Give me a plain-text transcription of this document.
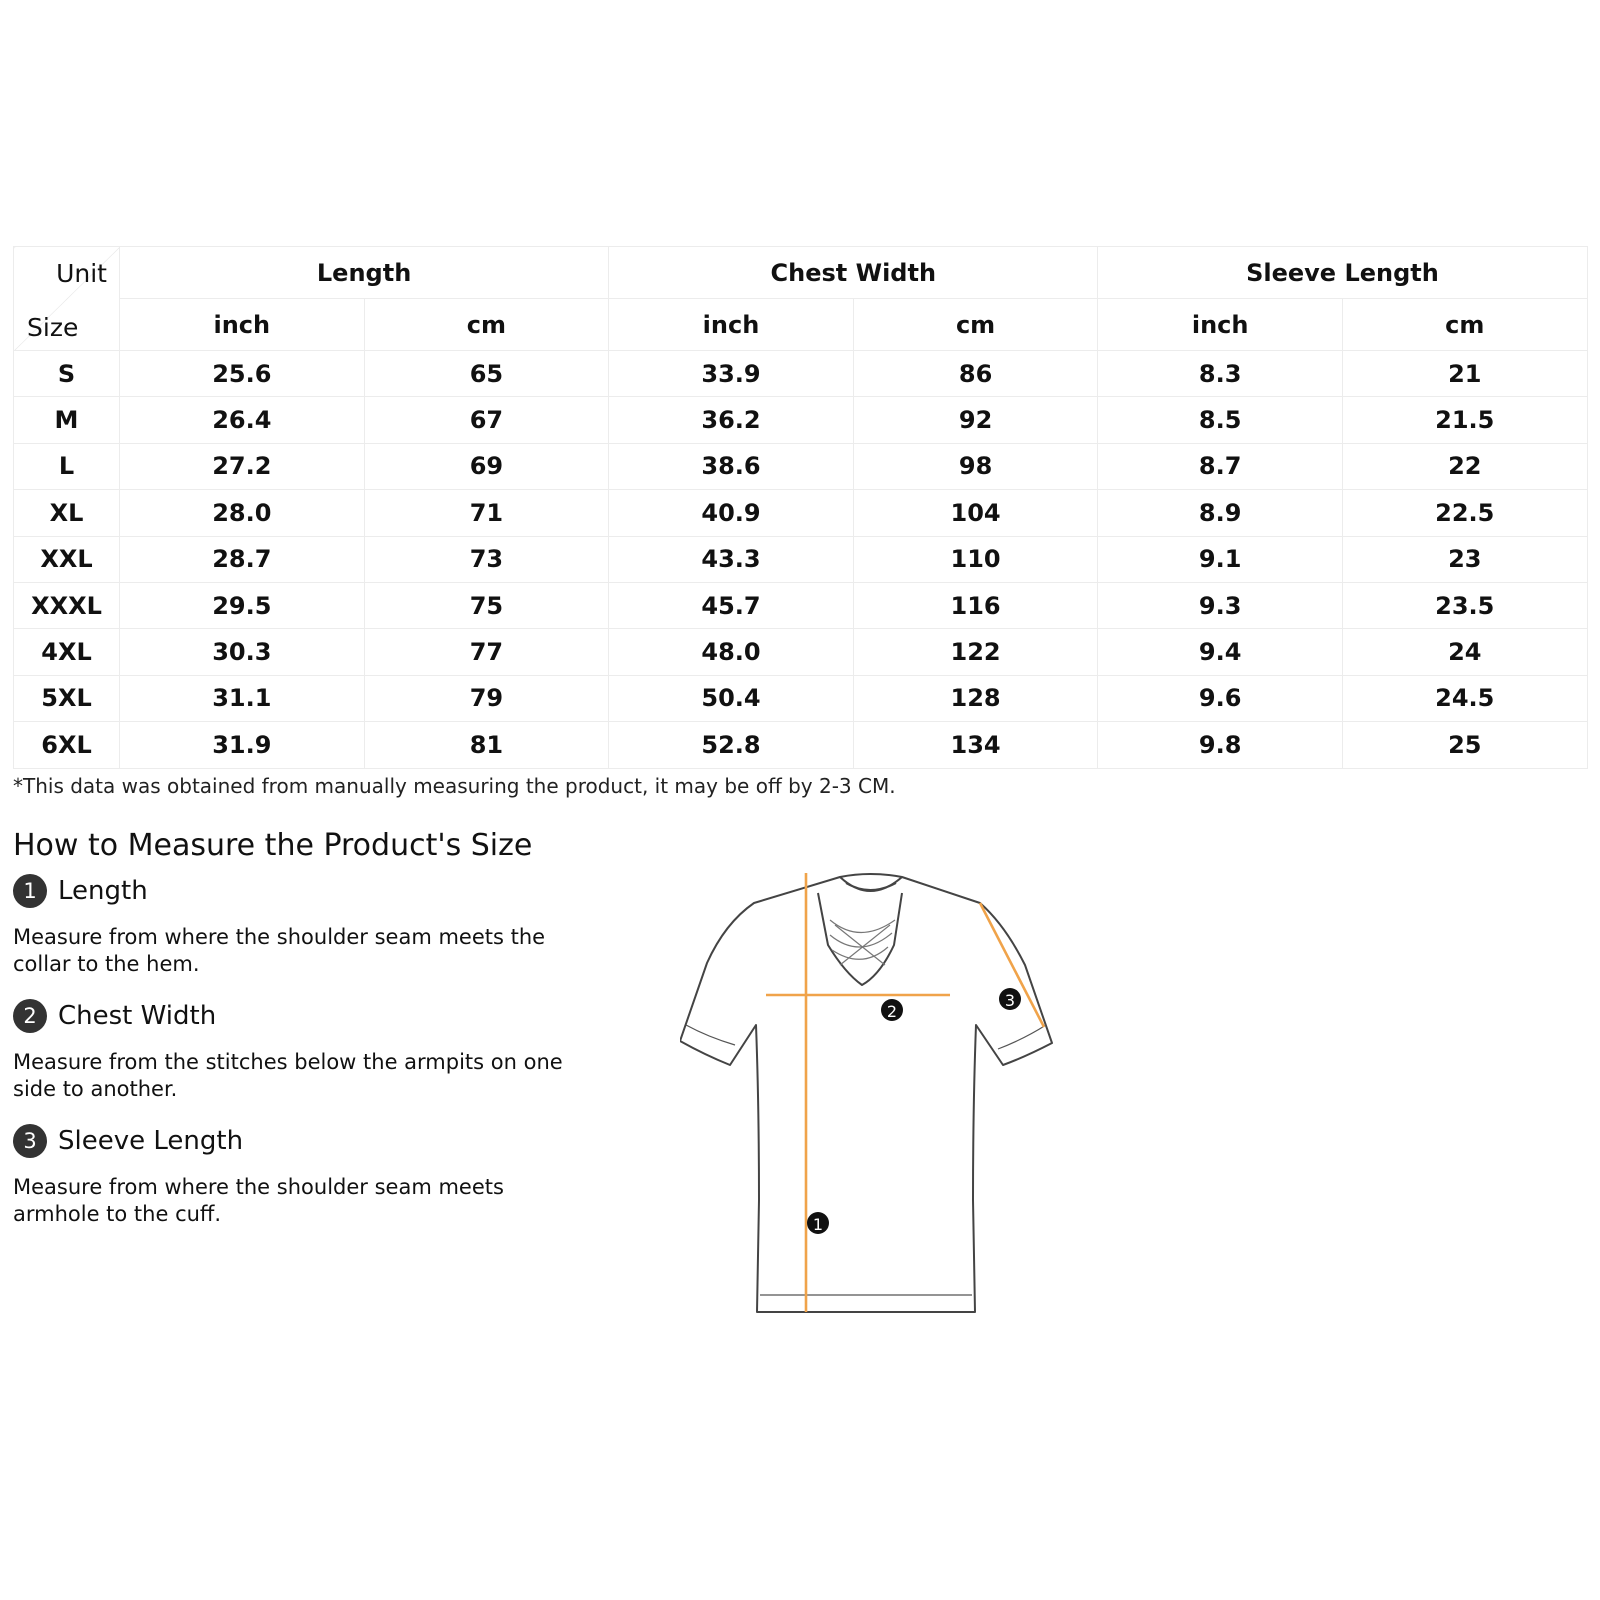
Unit
Size	Length		Chest Width		Sleeve Length	
	inch	cm	inch	cm	inch	cm
S	25.6	65	33.9	86	8.3	21
M	26.4	67	36.2	92	8.5	21.5
L	27.2	69	38.6	98	8.7	22
XL	28.0	71	40.9	104	8.9	22.5
XXL	28.7	73	43.3	110	9.1	23
XXXL	29.5	75	45.7	116	9.3	23.5
4XL	30.3	77	48.0	122	9.4	24
5XL	31.1	79	50.4	128	9.6	24.5
6XL	31.9	81	52.8	134	9.8	25
*This data was obtained from manually measuring the product, it may be off by 2-3 CM.
How to Measure the Product's Size
1 Length
Measure from where the shoulder seam meets the collar to the hem.
2 Chest Width
Measure from the stitches below the armpits on one side to another.
3 Sleeve Length
Measure from where the shoulder seam meets armhole to the cuff.	1
2
3
